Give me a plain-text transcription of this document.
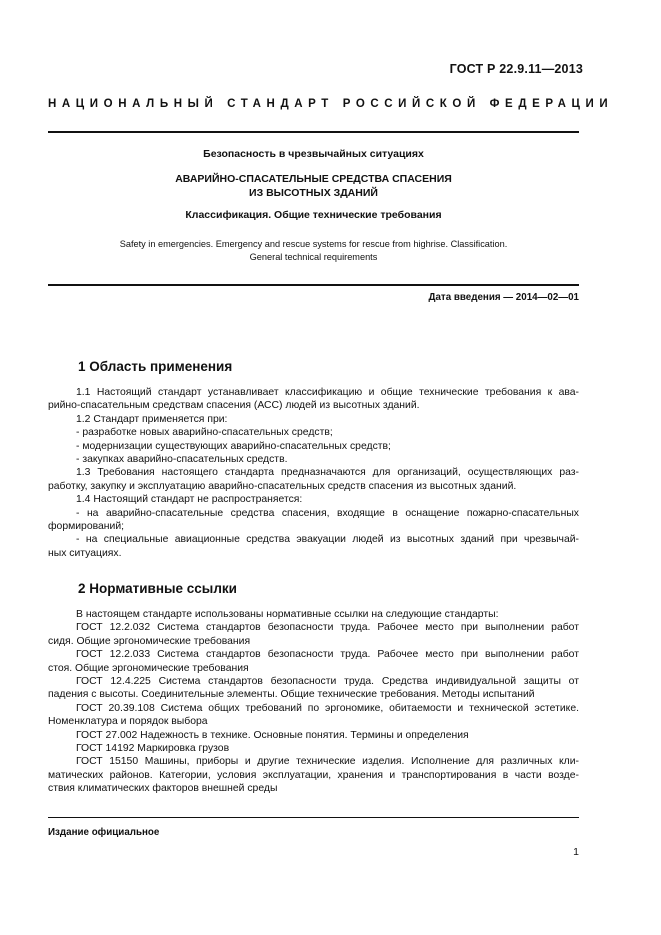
ГОСТ Р 22.9.11—2013
НАЦИОНАЛЬНЫЙ СТАНДАРТ РОССИЙСКОЙ ФЕДЕРАЦИИ
Безопасность в чрезвычайных ситуациях
АВАРИЙНО-СПАСАТЕЛЬНЫЕ СРЕДСТВА СПАСЕНИЯ
ИЗ ВЫСОТНЫХ ЗДАНИЙ
Классификация. Общие технические требования
Safety in emergencies. Emergency and rescue systems for rescue from highrise. Classification.
General technical requirements
Дата введения — 2014—02—01
1 Область применения

1.1 Настоящий стандарт устанавливает классификацию и общие технические требования к ава-

рийно-спасательным средствам спасения (АСС) людей из высотных зданий.

1.2 Стандарт применяется при:

- разработке новых аварийно-спасательных средств;

- модернизации существующих аварийно-спасательных средств;

- закупках аварийно-спасательных средств.

1.3 Требования настоящего стандарта предназначаются для организаций, осуществляющих раз-

работку, закупку и эксплуатацию аварийно-спасательных средств спасения из высотных зданий.

1.4 Настоящий стандарт не распространяется:

- на аварийно-спасательные средства спасения, входящие в оснащение пожарно-спасательных

формирований;

- на специальные авиационные средства эвакуации людей из высотных зданий при чрезвычай-

ных ситуациях.

2 Нормативные ссылки

В настоящем стандарте использованы нормативные ссылки на следующие стандарты:

ГОСТ 12.2.032 Система стандартов безопасности труда. Рабочее место при выполнении работ

сидя. Общие эргономические требования

ГОСТ 12.2.033 Система стандартов безопасности труда. Рабочее место при выполнении работ

стоя. Общие эргономические требования

ГОСТ 12.4.225 Система стандартов безопасности труда. Средства индивидуальной защиты от

падения с высоты. Соединительные элементы. Общие технические требования. Методы испытаний

ГОСТ 20.39.108 Система общих требований по эргономике, обитаемости и технической эстетике.

Номенклатура и порядок выбора

ГОСТ 27.002 Надежность в технике. Основные понятия. Термины и определения

ГОСТ 14192 Маркировка грузов

ГОСТ 15150 Машины, приборы и другие технические изделия. Исполнение для различных кли-

матических районов. Категории, условия эксплуатации, хранения и транспортирования в части возде-

ствия климатических факторов внешней среды

Издание официальное
1
